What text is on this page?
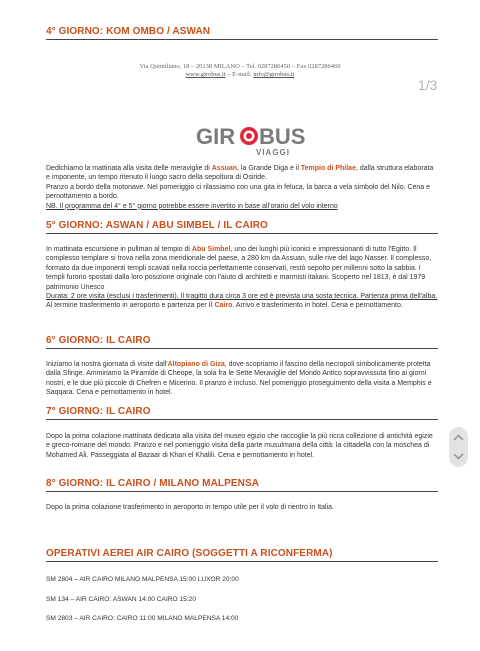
4° GIORNO: KOM OMBO / ASWAN
Via Quintiliano, 18 – 20138 MILANO – Tel. 0287286450 – Fax 0287286469
www.girobus.it – E-mail: info@girobus.it
1/3
GIR BUS
VIAGGI

Dedichiamo la mattinata alla visita delle meraviglie di Assuan, la Grande Diga e il Tempio di Philae, dalla struttura elaborata e imponente, un tempo ritenuto il luogo sacro della sepoltura di Osiride.

Pranzo a bordo della motonave. Nel pomeriggio ci rilassiamo con una gita in feluca, la barca a vela simbolo del Nilo. Cena e pernottamento a bordo.

NB. Il programma del 4° e 5° giorno potrebbe essere invertito in base all'orario del volo interno

5° GIORNO: ASWAN / ABU SIMBEL / IL CAIRO

In mattinata escursione in pullman al tempio di Abu Simbel, uno dei luoghi più iconici e impressionanti di tutto l'Egitto. Il complesso templare si trova nella zona meridionale del paese, a 280 km da Assuan, sulle rive del lago Nasser. Il complesso, formato da due imponenti templi scavati nella roccia perfettamente conservati, restò sepolto per millenni sotto la sabbia. I templi furono spostati dalla loro posizione originale con l'aiuto di architetti e marmisti italiani. Scoperto nel 1813, è dal 1979 patrimonio Unesco

Durata: 2 ore visita (esclusi i trasferimenti). Il tragitto dura circa 3 ore ed è prevista una sosta tecnica. Partenza prima dell'alba.

Al termine trasferimento in aeroporto e partenza per il Cairo. Arrivo e trasferimento in hotel. Cena e pernottamento.

6° GIORNO: IL CAIRO

Iniziamo la nostra giornata di visite dall'Altopiano di Giza, dove scopriamo il fascino della necropoli simbolicamente protetta dalla Sfinge. Ammiriamo la Piramide di Cheope, la sola fra le Sette Meraviglie del Mondo Antico sopravvissuta fino ai giorni nostri, e le due più piccole di Chefren e Micerino. Il pranzo è incluso. Nel pomeriggio proseguimento della visita a Memphis e Saqqara. Cena e pernottamento in hotel.

7° GIORNO: IL CAIRO

Dopo la prima colazione mattinata dedicata alla visita del museo egizio che raccoglie la più ricca collezione di antichità egizie e greco-romane del mondo. Pranzo e nel pomeriggio visita della parte musulmana della città: la cittadella con la moschea di Mohamed Ali. Passeggiata al Bazaar di Khan el Khalili. Cena e pernottamento in hotel.

8° GIORNO: IL CAIRO / MILANO MALPENSA

Dopo la prima colazione trasferimento in aeroporto in tempo utile per il volo di rientro in Italia.

OPERATIVI AEREI AIR CAIRO (SOGGETTI A RICONFERMA)
SM 2804 – AIR CAIRO MILANO MALPENSA 15:00 LUXOR 20:00
SM 134 – AIR CAIRO: ASWAN 14:00 CAIRO 15:20
SM 2803 – AIR CAIRO: CAIRO 11:00 MILANO MALPENSA 14:00
